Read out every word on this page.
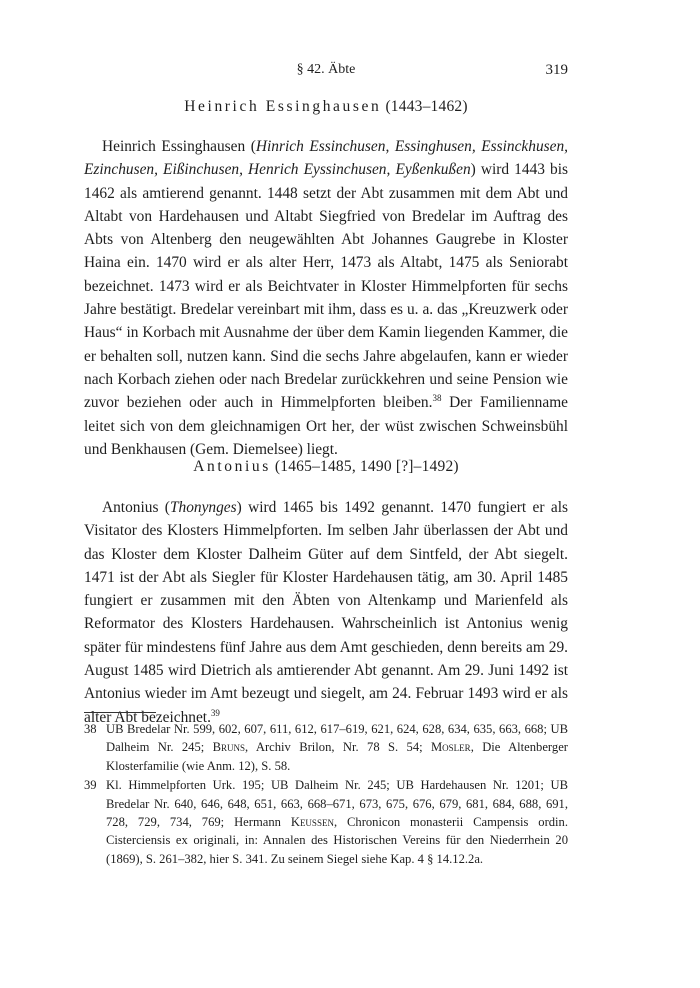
§ 42. Äbte	319
Heinrich Essinghausen (1443–1462)

Heinrich Essinghausen (Hinrich Essinchusen, Essinghusen, Essinckhusen, Ezinchusen, Eißinchusen, Henrich Eyssinchusen, Eyßenkußen) wird 1443 bis 1462 als amtierend genannt. 1448 setzt der Abt zusammen mit dem Abt und Altabt von Hardehausen und Altabt Siegfried von Bredelar im Auftrag des Abts von Altenberg den neugewählten Abt Johannes Gaugrebe in Kloster Haina ein. 1470 wird er als alter Herr, 1473 als Altabt, 1475 als Seniorabt bezeichnet. 1473 wird er als Beichtvater in Kloster Himmelpforten für sechs Jahre bestätigt. Bredelar vereinbart mit ihm, dass es u. a. das „Kreuzwerk oder Haus“ in Korbach mit Ausnahme der über dem Kamin liegenden Kammer, die er behalten soll, nutzen kann. Sind die sechs Jahre abgelaufen, kann er wieder nach Korbach ziehen oder nach Bredelar zurückkehren und seine Pension wie zuvor beziehen oder auch in Himmelpforten bleiben.$^{38}$ Der Familienname leitet sich von dem gleichnamigen Ort her, der wüst zwischen Schweinsbühl und Benkhausen (Gem. Diemelsee) liegt.

Antonius (1465–1485, 1490 [?]–1492)

Antonius (Thonynges) wird 1465 bis 1492 genannt. 1470 fungiert er als Visitator des Klosters Himmelpforten. Im selben Jahr überlassen der Abt und das Kloster dem Kloster Dalheim Güter auf dem Sintfeld, der Abt siegelt. 1471 ist der Abt als Siegler für Kloster Hardehausen tätig, am 30. April 1485 fungiert er zusammen mit den Äbten von Altenkamp und Marienfeld als Reformator des Klosters Hardehausen. Wahrscheinlich ist Antonius wenig später für mindestens fünf Jahre aus dem Amt geschieden, denn bereits am 29. August 1485 wird Dietrich als amtierender Abt genannt. Am 29. Juni 1492 ist Antonius wieder im Amt bezeugt und siegelt, am 24. Februar 1493 wird er als alter Abt bezeichnet.$^{39}$

38 UB Bredelar Nr. 599, 602, 607, 611, 612, 617–619, 621, 624, 628, 634, 635, 663, 668; UB Dalheim Nr. 245; Bruns, Archiv Brilon, Nr. 78 S. 54; Mosler, Die Altenberger Klosterfamilie (wie Anm. 12), S. 58.
39 Kl. Himmelpforten Urk. 195; UB Dalheim Nr. 245; UB Hardehausen Nr. 1201; UB Bredelar Nr. 640, 646, 648, 651, 663, 668–671, 673, 675, 676, 679, 681, 684, 688, 691, 728, 729, 734, 769; Hermann Keussen, Chronicon monasterii Campensis ordin. Cisterciensis ex originali, in: Annalen des Historischen Vereins für den Niederrhein 20 (1869), S. 261–382, hier S. 341. Zu seinem Siegel siehe Kap. 4 § 14.12.2a.
